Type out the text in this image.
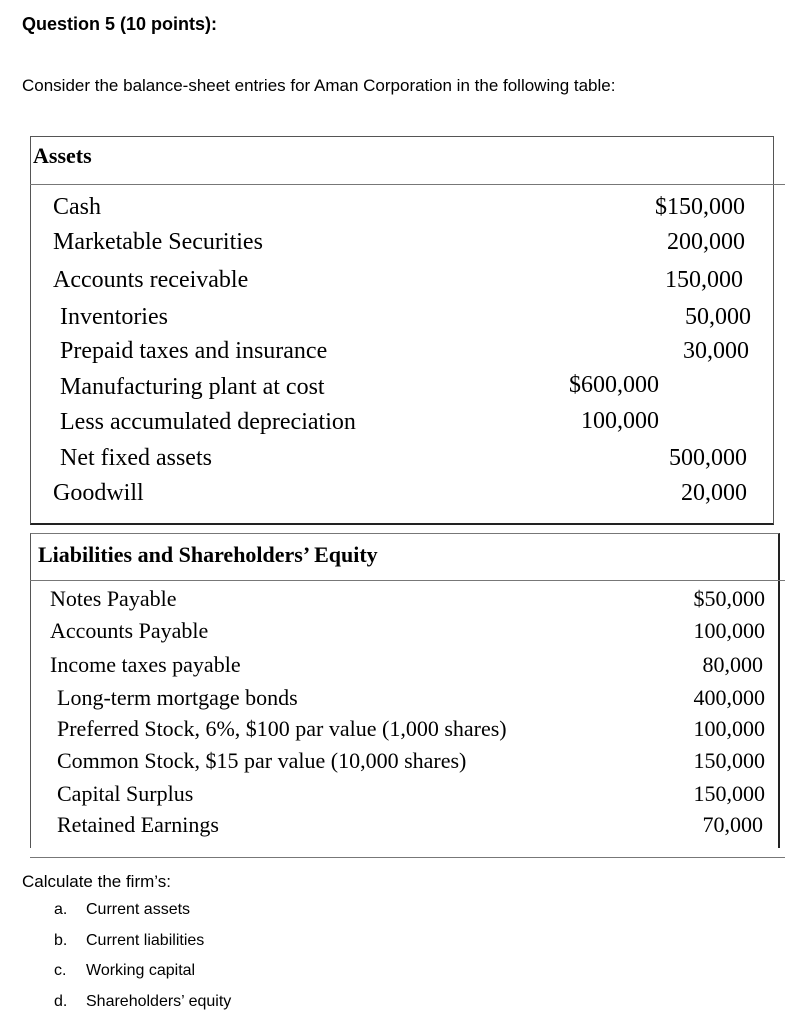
Question 5 (10 points):
Consider the balance-sheet entries for Aman Corporation in the following table:
Assets
Cash	$150,000
Marketable Securities	200,000
Accounts receivable	150,000
Inventories	50,000
Prepaid taxes and insurance	30,000
Manufacturing plant at cost	$600,000
Less accumulated depreciation	100,000
Net fixed assets	500,000
Goodwill	20,000
Liabilities and Shareholders’ Equity
Notes Payable	$50,000
Accounts Payable	100,000
Income taxes payable	80,000
Long-term mortgage bonds	400,000
Preferred Stock, 6%, $100 par value (1,000 shares)	100,000
Common Stock, $15 par value (10,000 shares)	150,000
Capital Surplus	150,000
Retained Earnings	70,000
Calculate the firm’s:
a. Current assets
b. Current liabilities
c. Working capital
d. Shareholders’ equity
